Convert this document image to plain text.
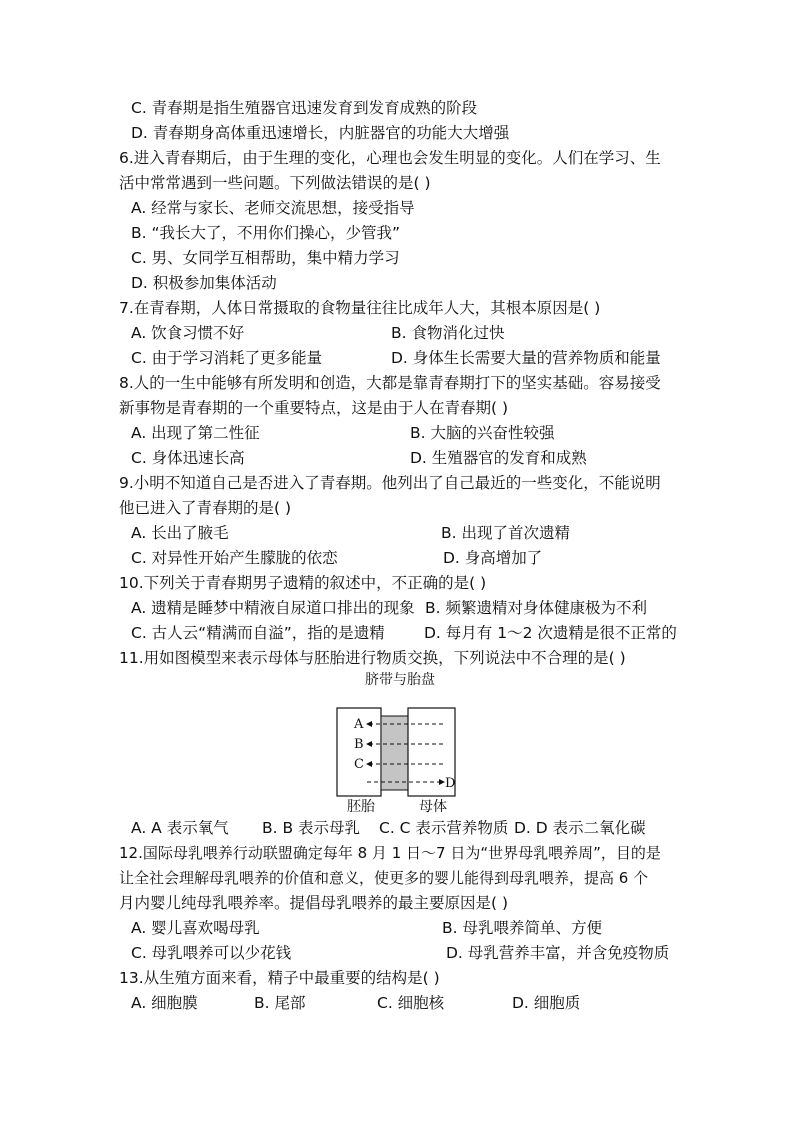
C. 青春期是指生殖器官迅速发育到发育成熟的阶段
D. 青春期身高体重迅速增长，内脏器官的功能大大增强
6.进入青春期后，由于生理的变化，心理也会发生明显的变化。人们在学习、生
活中常常遇到一些问题。下列做法错误的是( )
A. 经常与家长、老师交流思想，接受指导
B. “我长大了，不用你们操心，少管我”
C. 男、女同学互相帮助，集中精力学习
D. 积极参加集体活动
7.在青春期，人体日常摄取的食物量往往比成年人大，其根本原因是( )
A. 饮食习惯不好	B. 食物消化过快
C. 由于学习消耗了更多能量	D. 身体生长需要大量的营养物质和能量
8.人的一生中能够有所发明和创造，大都是靠青春期打下的坚实基础。容易接受
新事物是青春期的一个重要特点，这是由于人在青春期( )
A. 出现了第二性征	B. 大脑的兴奋性较强
C. 身体迅速长高	D. 生殖器官的发育和成熟
9.小明不知道自己是否进入了青春期。他列出了自己最近的一些变化，不能说明
他已进入了青春期的是( )
A. 长出了腋毛	B. 出现了首次遗精
C. 对异性开始产生朦胧的依恋	D. 身高增加了
10.下列关于青春期男子遗精的叙述中，不正确的是( )
A. 遗精是睡梦中精液自尿道口排出的现象 B. 频繁遗精对身体健康极为不利
C. 古人云“精满而自溢”，指的是遗精	D. 每月有 1～2 次遗精是很不正常的
11.用如图模型来表示母体与胚胎进行物质交换，下列说法中不合理的是( )
脐带与胎盘
A
B
C
D
胚胎	母体
A. A 表示氧气 B. B 表示母乳 C. C 表示营养物质 D. D 表示二氧化碳
12.国际母乳喂养行动联盟确定每年 8 月 1 日～7 日为“世界母乳喂养周”，目的是
让全社会理解母乳喂养的价值和意义，使更多的婴儿能得到母乳喂养，提高 6 个
月内婴儿纯母乳喂养率。提倡母乳喂养的最主要原因是( )
A. 婴儿喜欢喝母乳	B. 母乳喂养简单、方便
C. 母乳喂养可以少花钱	D. 母乳营养丰富，并含免疫物质
13.从生殖方面来看，精子中最重要的结构是( )
A. 细胞膜	B. 尾部	C. 细胞核	D. 细胞质
